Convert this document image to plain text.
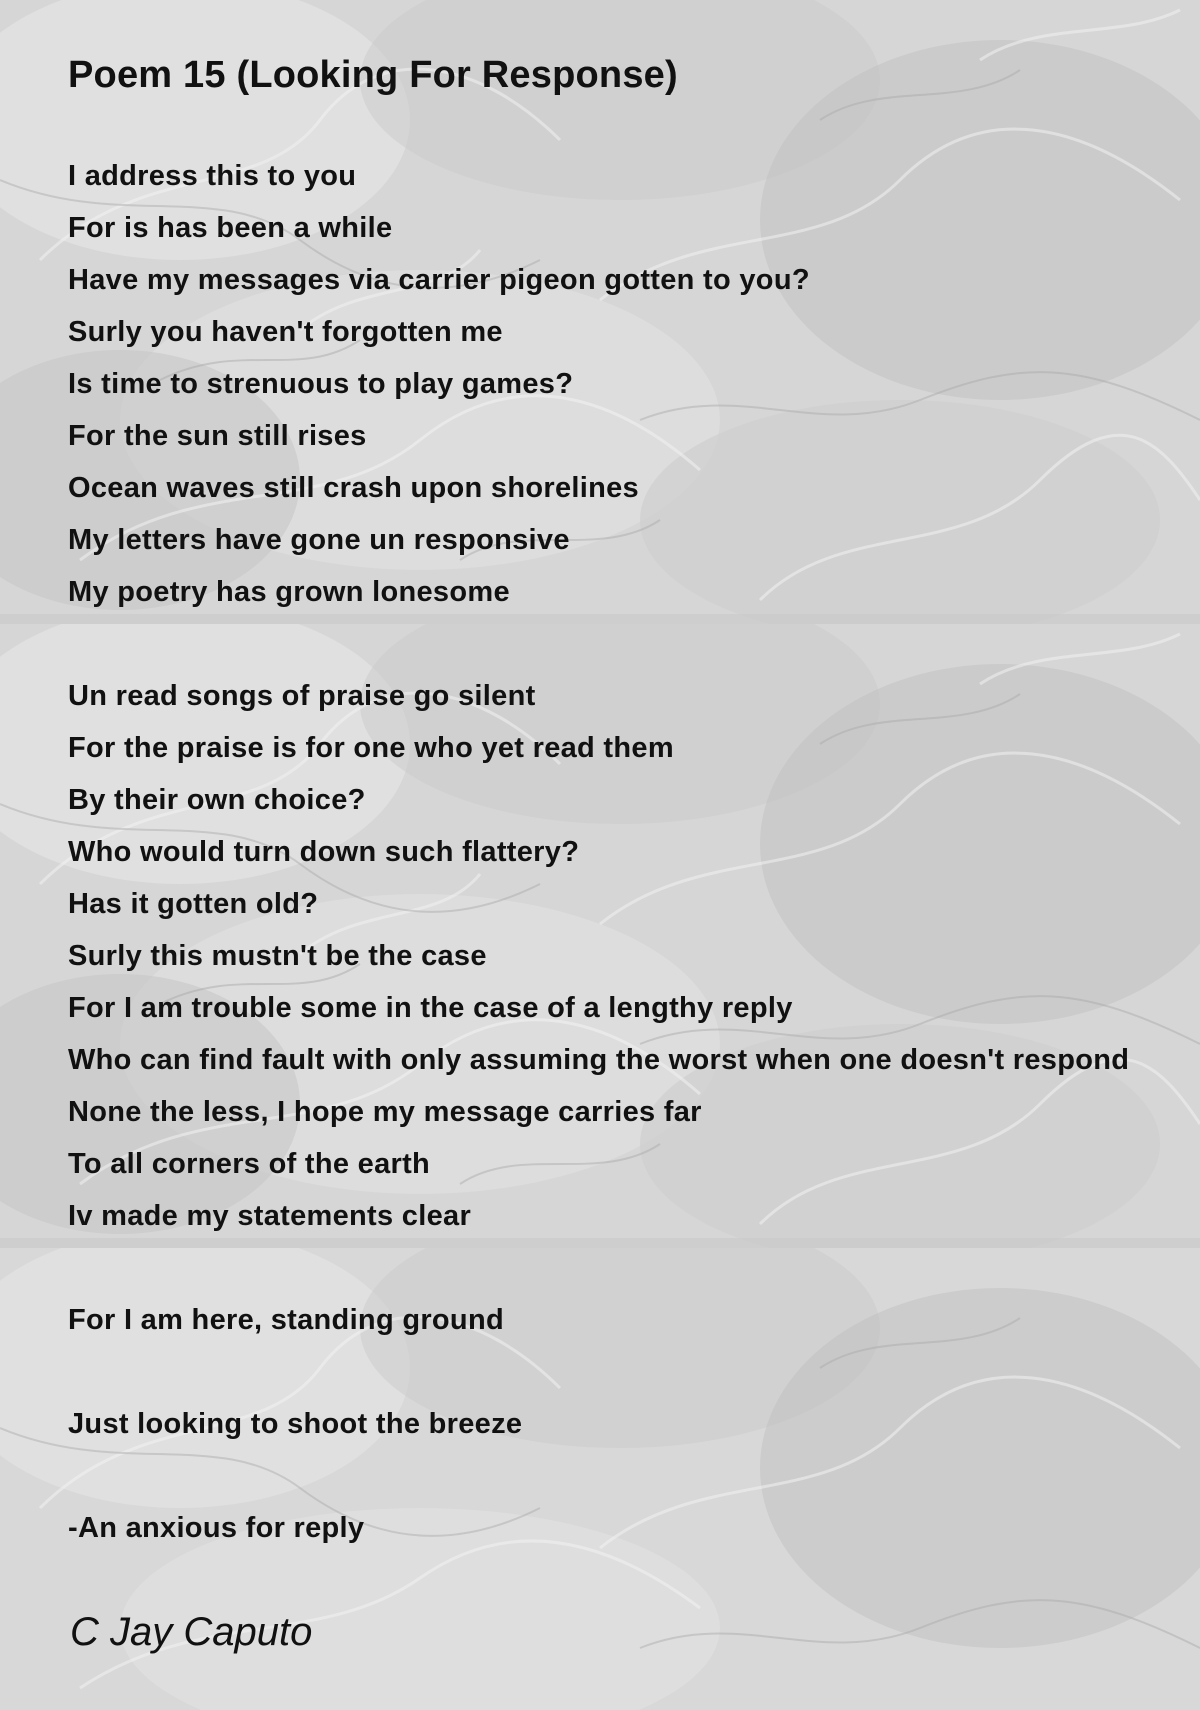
Poem 15 (Looking For Response)
I address this to you
For is has been a while
Have my messages via carrier pigeon gotten to you?
Surly you haven't forgotten me
Is time to strenuous to play games?
For the sun still rises
Ocean waves still crash upon shorelines
My letters have gone un responsive
My poetry has grown lonesome
Un read songs of praise go silent
For the praise is for one who yet read them
By their own choice?
Who would turn down such flattery?
Has it gotten old?
Surly this mustn't be the case
For I am trouble some in the case of a lengthy reply
Who can find fault with only assuming the worst when one doesn't respond
None the less, I hope my message carries far
To all corners of the earth
Iv made my statements clear
For I am here, standing ground
Just looking to shoot the breeze
-An anxious for reply
C Jay Caputo
